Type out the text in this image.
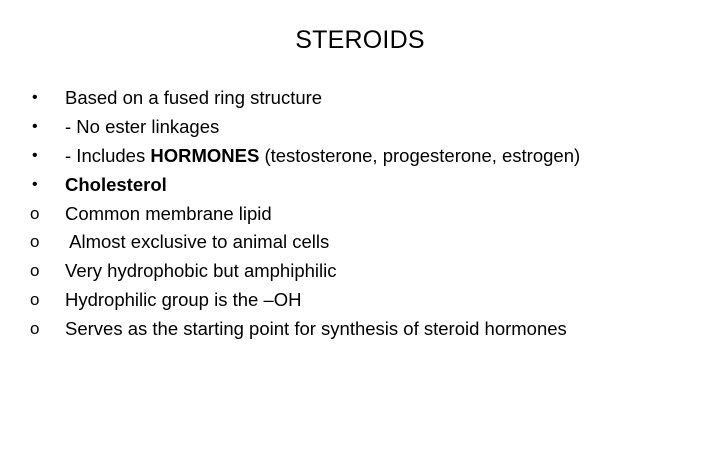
STEROIDS
•	Based on a fused ring structure
•	- No ester linkages
•	- Includes HORMONES (testosterone, progesterone, estrogen)
•	Cholesterol
o	Common membrane lipid
o	Almost exclusive to animal cells
o	Very hydrophobic but amphiphilic
o	Hydrophilic group is the –OH
o	Serves as the starting point for synthesis of steroid hormones
